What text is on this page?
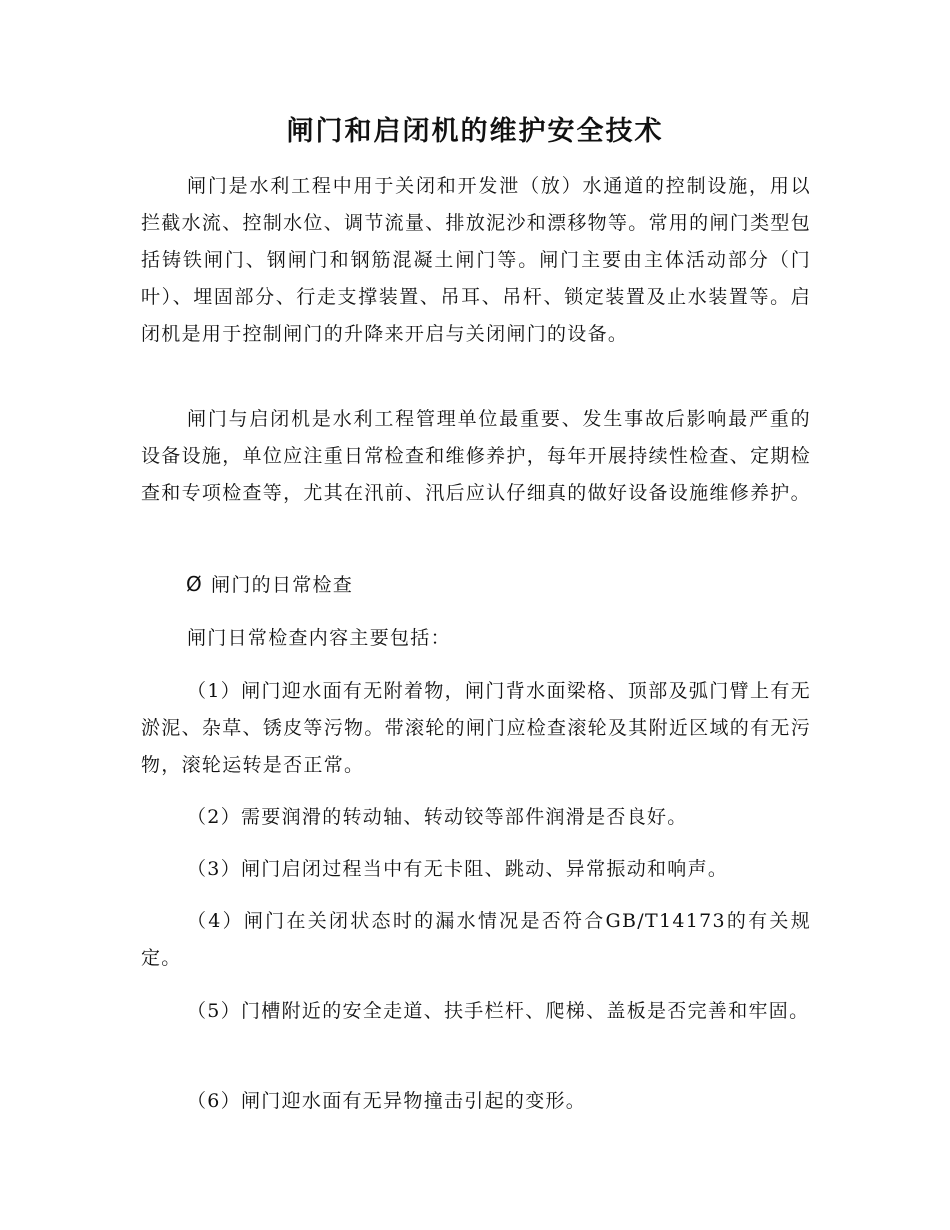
闸门和启闭机的维护安全技术

闸门是水利工程中用于关闭和开发泄（放）水通道的控制设施，用以拦截水流、控制水位、调节流量、排放泥沙和漂移物等。常用的闸门类型包括铸铁闸门、钢闸门和钢筋混凝土闸门等。闸门主要由主体活动部分（门叶）、埋固部分、行走支撑装置、吊耳、吊杆、锁定装置及止水装置等。启闭机是用于控制闸门的升降来开启与关闭闸门的设备。

闸门与启闭机是水利工程管理单位最重要、发生事故后影响最严重的设备设施，单位应注重日常检查和维修养护，每年开展持续性检查、定期检查和专项检查等，尤其在汛前、汛后应认仔细真的做好设备设施维修养护。

Ø 闸门的日常检查

闸门日常检查内容主要包括：

（1）闸门迎水面有无附着物，闸门背水面梁格、顶部及弧门臂上有无淤泥、杂草、锈皮等污物。带滚轮的闸门应检查滚轮及其附近区域的有无污物，滚轮运转是否正常。

（2）需要润滑的转动轴、转动铰等部件润滑是否良好。

（3）闸门启闭过程当中有无卡阻、跳动、异常振动和响声。

（4）闸门在关闭状态时的漏水情况是否符合GB/T14173的有关规定。

（5）门槽附近的安全走道、扶手栏杆、爬梯、盖板是否完善和牢固。

（6）闸门迎水面有无异物撞击引起的变形。
